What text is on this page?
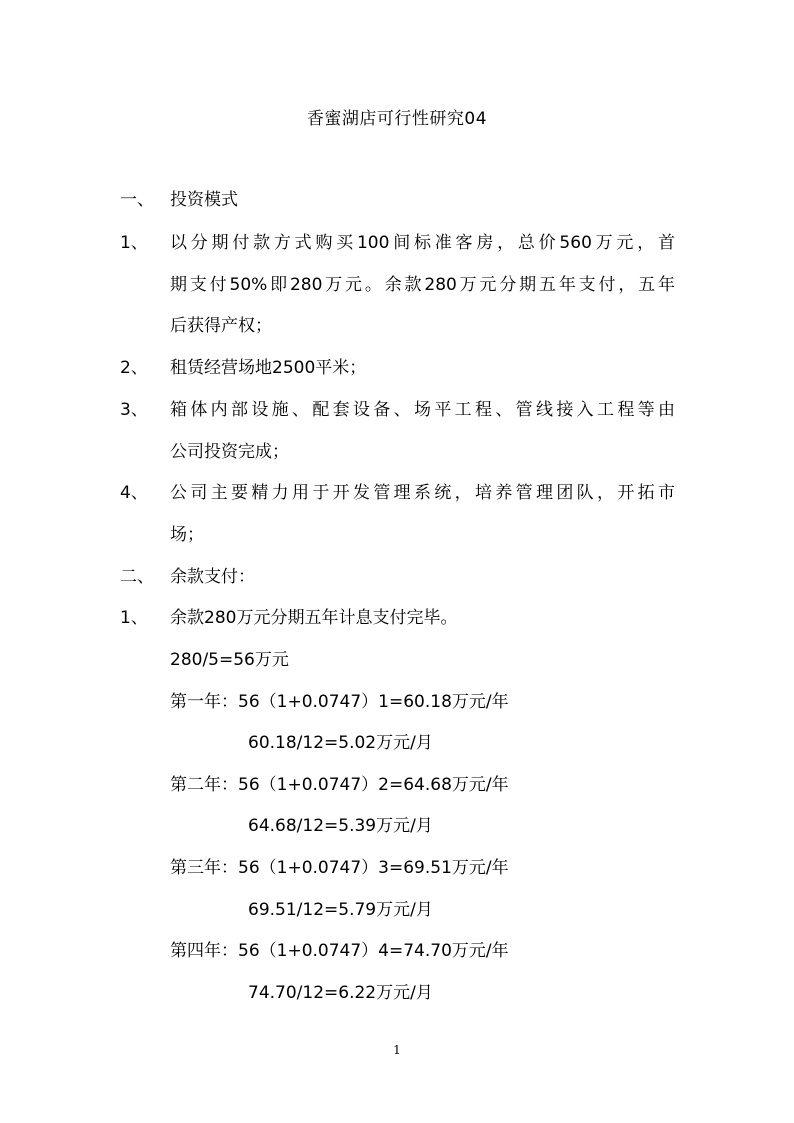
香蜜湖店可行性研究04
一、 投资模式
1、 以分期付款方式购买100间标准客房，总价560万元，首
期支付50%即280万元。余款280万元分期五年支付，五年
后获得产权；
2、 租赁经营场地2500平米；
3、 箱体内部设施、配套设备、场平工程、管线接入工程等由
公司投资完成；
4、 公司主要精力用于开发管理系统，培养管理团队，开拓市
场；
二、 余款支付：
1、 余款280万元分期五年计息支付完毕。
280/5=56万元
第一年：56（1+0.0747）1=60.18万元/年
60.18/12=5.02万元/月
第二年：56（1+0.0747）2=64.68万元/年
64.68/12=5.39万元/月
第三年：56（1+0.0747）3=69.51万元/年
69.51/12=5.79万元/月
第四年：56（1+0.0747）4=74.70万元/年
74.70/12=6.22万元/月
1
